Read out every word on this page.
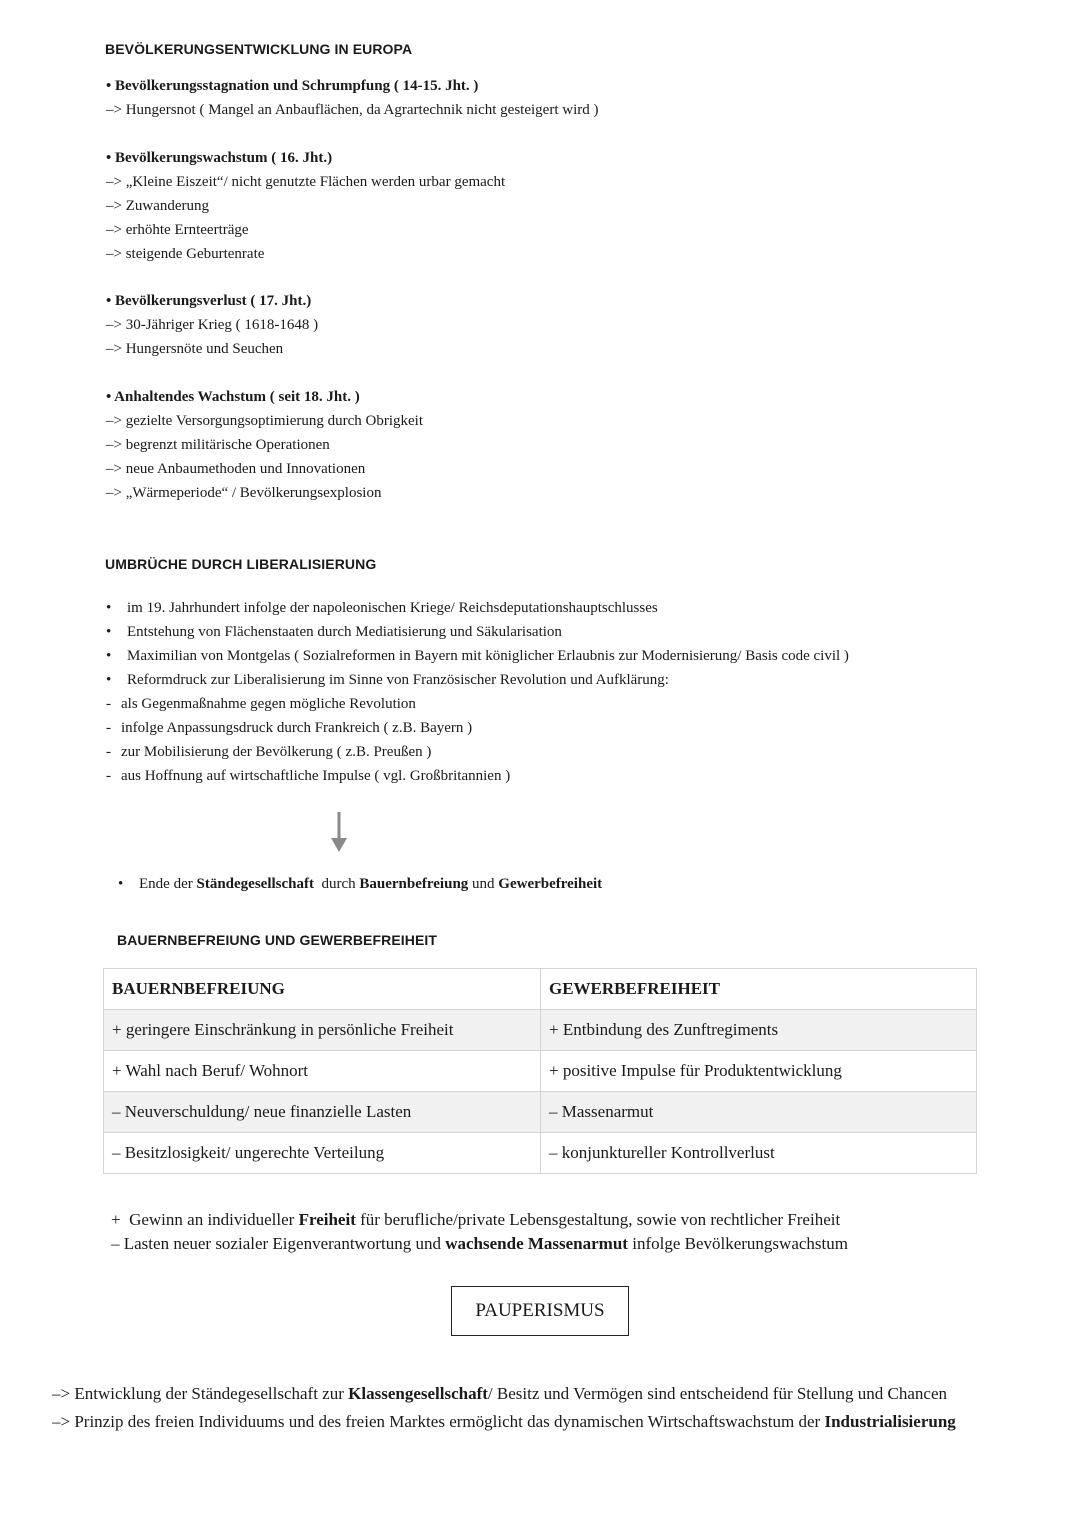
BEVÖLKERUNGSENTWICKLUNG IN EUROPA
• Bevölkerungsstagnation und Schrumpfung ( 14-15. Jht. )
–> Hungersnot ( Mangel an Anbauflächen, da Agrartechnik nicht gesteigert wird )
• Bevölkerungswachstum ( 16. Jht.)
–> „Kleine Eiszeit“/ nicht genutzte Flächen werden urbar gemacht
–> Zuwanderung
–> erhöhte Ernteerträge
–> steigende Geburtenrate
• Bevölkerungsverlust ( 17. Jht.)
–> 30-Jähriger Krieg ( 1618-1648 )
–> Hungersnöte und Seuchen
• Anhaltendes Wachstum ( seit 18. Jht. )
–> gezielte Versorgungsoptimierung durch Obrigkeit
–> begrenzt militärische Operationen
–> neue Anbaumethoden und Innovationen
–> „Wärmeperiode“ / Bevölkerungsexplosion
UMBRÜCHE DURCH LIBERALISIERUNG
• im 19. Jahrhundert infolge der napoleonischen Kriege/ Reichsdeputationshauptschlusses
• Entstehung von Flächenstaaten durch Mediatisierung und Säkularisation
• Maximilian von Montgelas ( Sozialreformen in Bayern mit königlicher Erlaubnis zur Modernisierung/ Basis code civil )
• Reformdruck zur Liberalisierung im Sinne von Französischer Revolution und Aufklärung:
- als Gegenmaßnahme gegen mögliche Revolution
- infolge Anpassungsdruck durch Frankreich ( z.B. Bayern )
- zur Mobilisierung der Bevölkerung ( z.B. Preußen )
- aus Hoffnung auf wirtschaftliche Impulse ( vgl. Großbritannien )
• Ende der Ständegesellschaft  durch Bauernbefreiung und Gewerbefreiheit
BAUERNBEFREIUNG UND GEWERBEFREIHEIT
BAUERNBEFREIUNG	GEWERBEFREIHEIT
+ geringere Einschränkung in persönliche Freiheit	+ Entbindung des Zunftregiments
+ Wahl nach Beruf/ Wohnort	+ positive Impulse für Produktentwicklung
– Neuverschuldung/ neue finanzielle Lasten	– Massenarmut
– Besitzlosigkeit/ ungerechte Verteilung	– konjunktureller Kontrollverlust
+  Gewinn an individueller Freiheit für berufliche/private Lebensgestaltung, sowie von rechtlicher Freiheit
– Lasten neuer sozialer Eigenverantwortung und wachsende Massenarmut infolge Bevölkerungswachstum
PAUPERISMUS
–> Entwicklung der Ständegesellschaft zur Klassengesellschaft/ Besitz und Vermögen sind entscheidend für Stellung und Chancen
–> Prinzip des freien Individuums und des freien Marktes ermöglicht das dynamischen Wirtschaftswachstum der Industrialisierung
